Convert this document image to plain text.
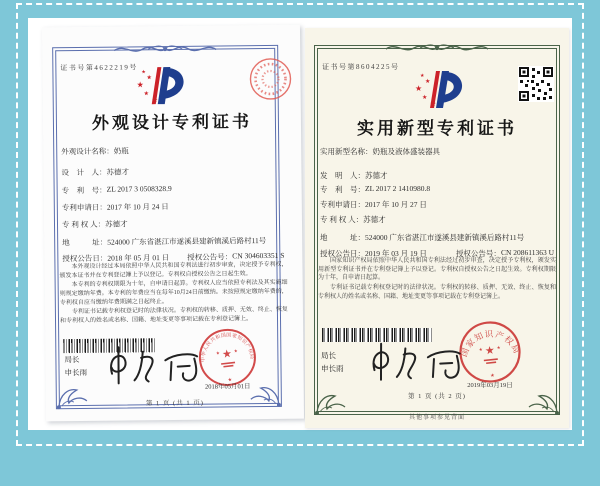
证书号第4622219号
外观设计专利证书
外观设计名称： 奶瓶
设　计　人： 苏德才
专　利　号： ZL 2017 3 0508328.9
专利申请日： 2017 年 10 月 24 日
专 利 权 人： 苏德才
地　　　址： 524000 广东省湛江市遂溪县建新镇溪后路村11号
授权公告日： 2018 年 05 月 01 日 授权公告号： CN 304603351 S

本外观设计经过本局依照中华人民共和国专利法进行初步审查，决定授予专利权，颁发本证书并在专利登记簿上予以登记。专利权自授权公告之日起生效。

本专利的专利权期限为十年，自申请日起算。专利权人应当依照专利法及其实施细则规定缴纳年费。本专利的年费应当在每年10月24日前缴纳。未按照规定缴纳年费的，专利权自应当缴纳年费期满之日起终止。

专利证书记载专利权登记时的法律状况。专利权的转移、质押、无效、终止、恢复和专利权人的姓名或名称、国籍、地址变更等事项记载在专利登记簿上。

局长
申长雨
中华人民共和国国家知识产权局
★
2018年05月01日
第 1 页 (共 1 页)
证书号第8604225号
实用新型专利证书
实用新型名称： 奶瓶及液体盛装器具
发　明　人： 苏德才
专　利　号： ZL 2017 2 1410980.8
专利申请日： 2017 年 10 月 27 日
专 利 权 人： 苏德才
地　　　址： 524000 广东省湛江市遂溪县建新镇溪后路村11号
授权公告日： 2019 年 03 月 19 日	授权公告号： CN 208611363 U

国家知识产权局依照中华人民共和国专利法经过初步审查，决定授予专利权，颁发实用新型专利证书并在专利登记簿上予以登记。专利权自授权公告之日起生效。专利权期限为十年，自申请日起算。

专利证书记载专利权登记时的法律状况。专利权的转移、质押、无效、终止、恢复和专利权人的姓名或名称、国籍、地址变更等事项记载在专利登记簿上。

局长
申长雨
国家知识产权局
★
2019年03月19日
第 1 页 (共 2 页)
其他事项参见背面
